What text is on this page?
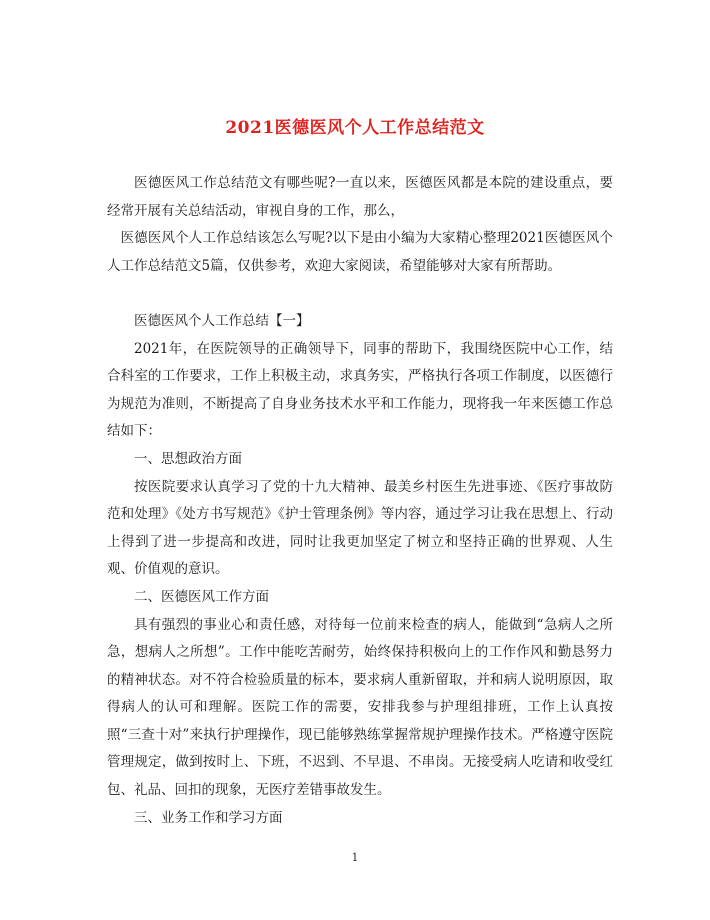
2021医德医风个人工作总结范文

医德医风工作总结范文有哪些呢?一直以来，医德医风都是本院的建设重点，要经常开展有关总结活动，审视自身的工作，那么，

医德医风个人工作总结该怎么写呢?以下是由小编为大家精心整理2021医德医风个人工作总结范文5篇，仅供参考，欢迎大家阅读，希望能够对大家有所帮助。

医德医风个人工作总结【一】

2021年，在医院领导的正确领导下，同事的帮助下，我围绕医院中心工作，结合科室的工作要求，工作上积极主动，求真务实，严格执行各项工作制度，以医德行为规范为准则，不断提高了自身业务技术水平和工作能力，现将我一年来医德工作总结如下：

一、思想政治方面

按医院要求认真学习了党的十九大精神、最美乡村医生先进事迹、《医疗事故防范和处理》《处方书写规范》《护士管理条例》等内容，通过学习让我在思想上、行动上得到了进一步提高和改进，同时让我更加坚定了树立和坚持正确的世界观、人生观、价值观的意识。

二、医德医风工作方面

具有强烈的事业心和责任感，对待每一位前来检查的病人，能做到“急病人之所急，想病人之所想”。工作中能吃苦耐劳，始终保持积极向上的工作作风和勤恳努力的精神状态。对不符合检验质量的标本，要求病人重新留取，并和病人说明原因，取得病人的认可和理解。医院工作的需要，安排我参与护理组排班，工作上认真按照“三查十对”来执行护理操作，现已能够熟练掌握常规护理操作技术。严格遵守医院管理规定，做到按时上、下班，不迟到、不早退、不串岗。无接受病人吃请和收受红包、礼品、回扣的现象，无医疗差错事故发生。

三、业务工作和学习方面

1
